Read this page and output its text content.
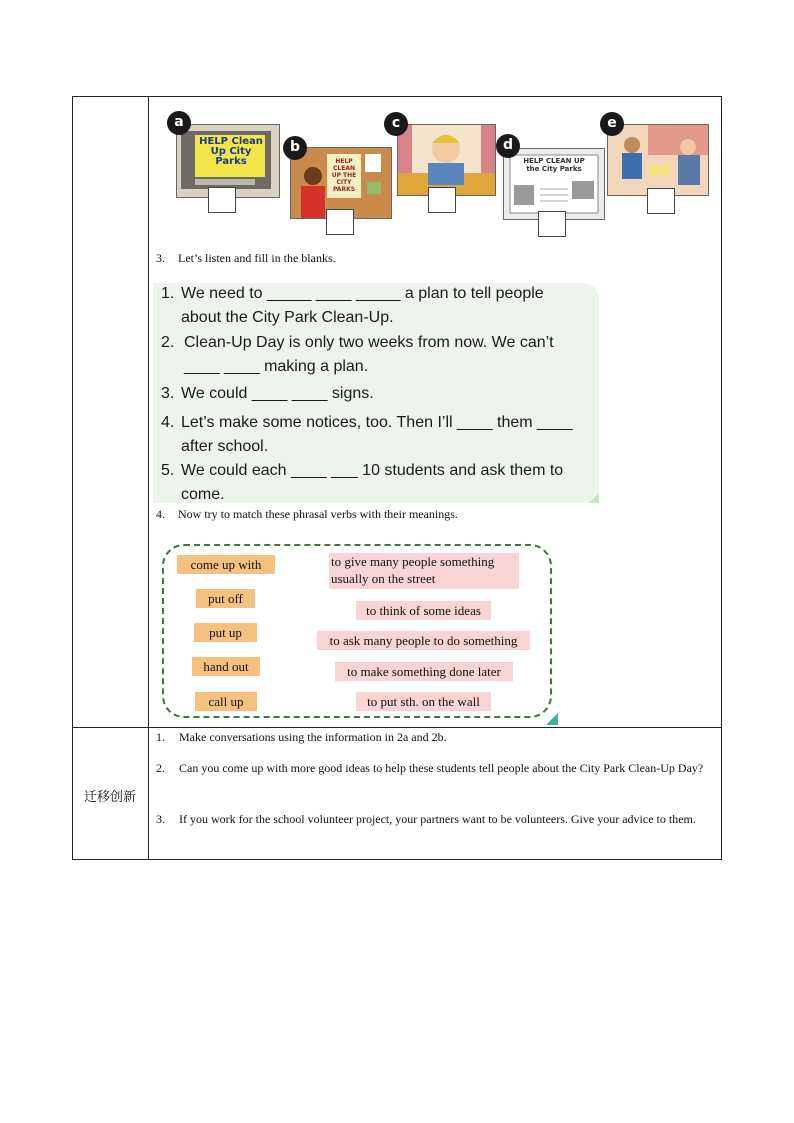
HELP Clean Up City Parks
a
HELP CLEAN UP THE CITY PARKS
b
c
HELP CLEAN UP the City Parks
d
e
3. Let’s listen and fill in the blanks.
1. We need to _____ ____ _____ a plan to tell people
about the City Park Clean-Up.
2. Clean-Up Day is only two weeks from now. We can’t
____ ____ making a plan.
3. We could ____ ____ signs.
4. Let’s make some notices, too. Then I’ll ____ them ____
after school.
5. We could each ____ ___ 10 students and ask them to
come.
4. Now try to match these phrasal verbs with their meanings.
come up with
put off
put up
hand out
call up
to give many people something usually on the street
to think of some ideas
to ask many people to do something
to make something done later
to put sth. on the wall
迁移创新
1. Make conversations using the information in 2a and 2b.
2. Can you come up with more good ideas to help these students tell people about the City Park Clean-Up Day?
3. If you work for the school volunteer project, your partners want to be volunteers. Give your advice to them.
